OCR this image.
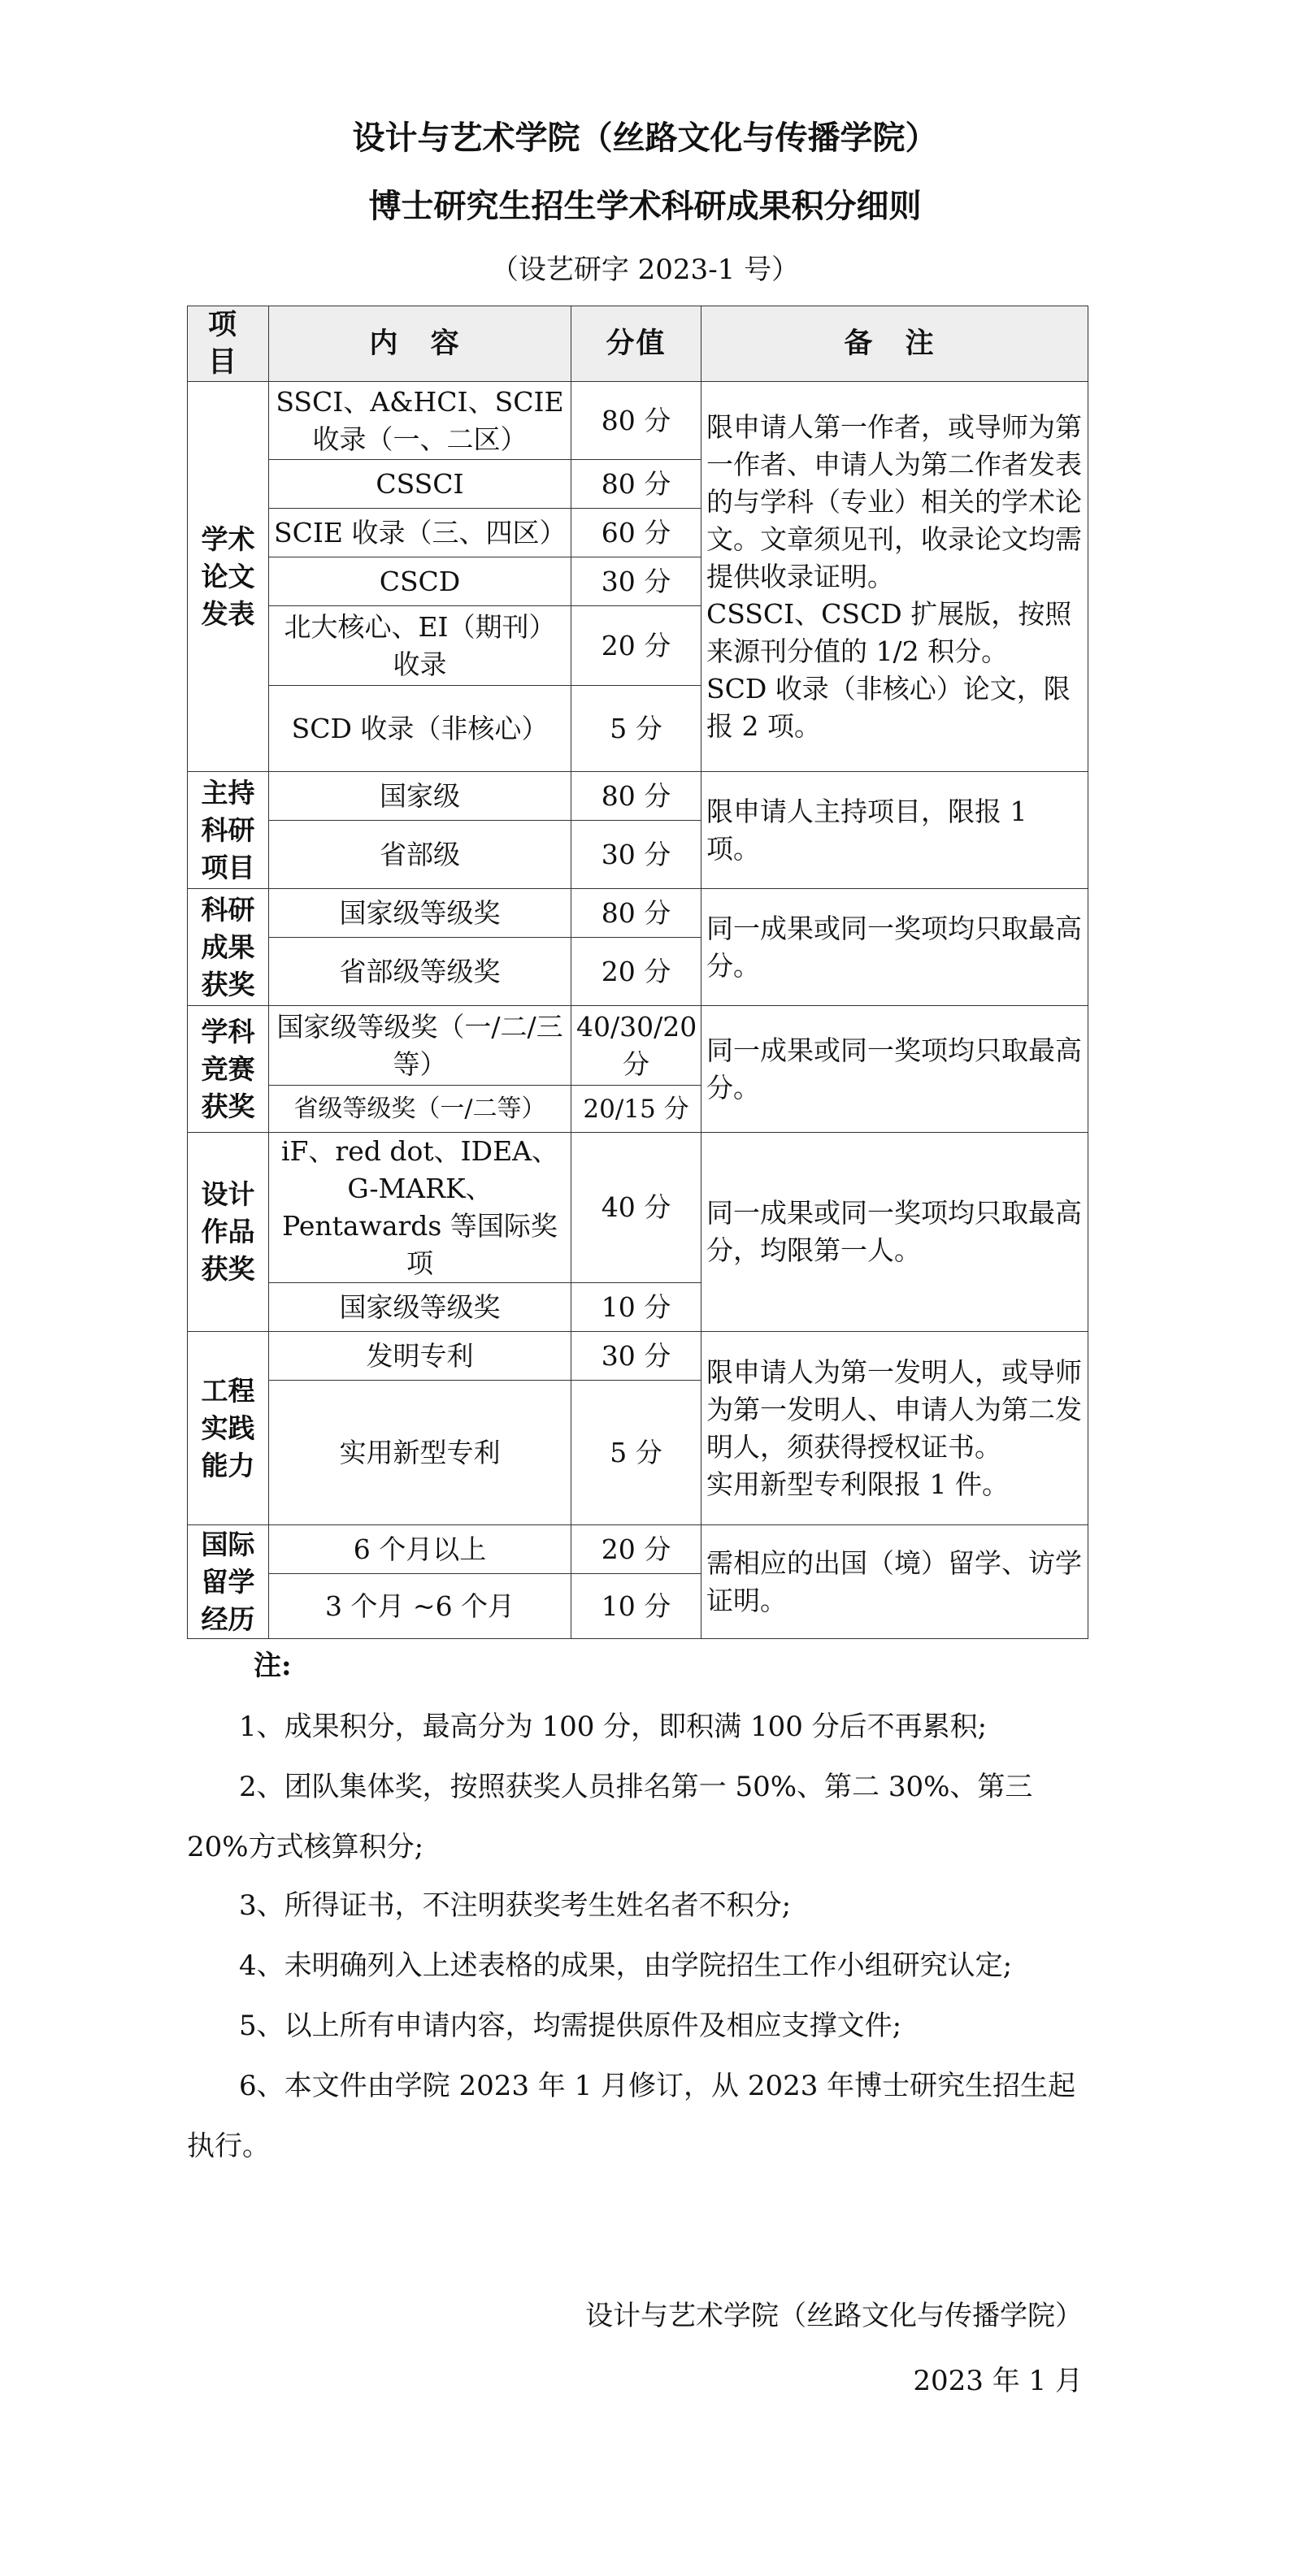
设计与艺术学院（丝路文化与传播学院）
博士研究生招生学术科研成果积分细则
（设艺研字 2023-1 号）
项 目	内 容	分值	备 注
学术论文发表	SSCI、A&HCI、SCIE 收录（一、二区）	80 分	限申请人第一作者，或导师为第一作者、申请人为第二作者发表的与学科（专业）相关的学术论文。文章须见刊，收录论文均需提供收录证明。
CSSCI、CSCD 扩展版，按照来源刊分值的 1/2 积分。
SCD 收录（非核心）论文，限报 2 项。
	CSSCI	80 分	
	SCIE 收录（三、四区）	60 分	
	CSCD	30 分	
	北大核心、EI（期刊）收录	20 分	
	SCD 收录（非核心）	5 分	
主持科研项目	国家级	80 分	限申请人主持项目，限报 1 项。
	省部级	30 分	
科研成果获奖	国家级等级奖	80 分	同一成果或同一奖项均只取最高分。
	省部级等级奖	20 分	
学科竞赛获奖	国家级等级奖（一/二/三等）	40/30/20 分	同一成果或同一奖项均只取最高分。
	省级等级奖（一/二等）	20/15 分	
设计作品获奖	iF、red dot、IDEA、G-MARK、Pentawards 等国际奖项	40 分	同一成果或同一奖项均只取最高分，均限第一人。
	国家级等级奖	10 分	
工程实践能力	发明专利	30 分	限申请人为第一发明人，或导师为第一发明人、申请人为第二发明人，须获得授权证书。
实用新型专利限报 1 件。
	实用新型专利	5 分	
国际留学经历	6 个月以上	20 分	需相应的出国（境）留学、访学证明。
	3 个月 ~6 个月	10 分	
注:
1、成果积分，最高分为 100 分，即积满 100 分后不再累积;
2、团队集体奖，按照获奖人员排名第一 50%、第二 30%、第三 20%方式核算积分;
3、所得证书，不注明获奖考生姓名者不积分;
4、未明确列入上述表格的成果，由学院招生工作小组研究认定;
5、以上所有申请内容，均需提供原件及相应支撑文件;
6、本文件由学院 2023 年 1 月修订，从 2023 年博士研究生招生起执行。
设计与艺术学院（丝路文化与传播学院）
2023 年 1 月
